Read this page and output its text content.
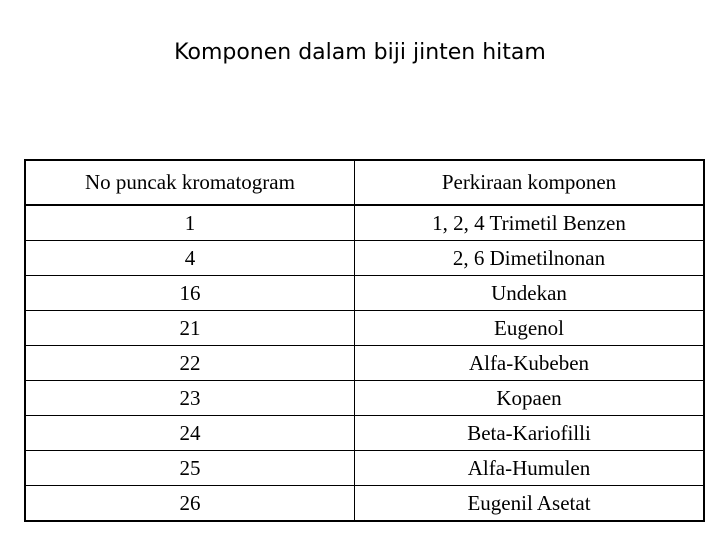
Komponen dalam biji jinten hitam
No puncak kromatogram	Perkiraan komponen
1	1, 2, 4 Trimetil Benzen
4	2, 6 Dimetilnonan
16	Undekan
21	Eugenol
22	Alfa-Kubeben
23	Kopaen
24	Beta-Kariofilli
25	Alfa-Humulen
26	Eugenil Asetat
